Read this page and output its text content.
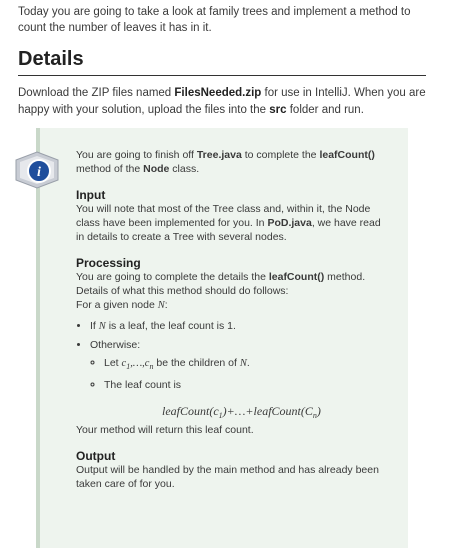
Today you are going to take a look at family trees and implement a method to count the number of leaves it has in it.
Details
Download the ZIP files named FilesNeeded.zip for use in IntelliJ. When you are happy with your solution, upload the files into the src folder and run.
i

You are going to finish off Tree.java to complete the leafCount() method of the Node class.

Input

You will note that most of the Tree class and, within it, the Node class have been implemented for you. In PoD.java, we have read in details to create a Tree with several nodes.

Processing

You are going to complete the details the leafCount() method. Details of what this method should do follows:

For a given node N:

• If N is a leaf, the leaf count is 1.
• Otherwise:
◦ Let $c_1,\dots,c_n$ be the children of N.
◦ The leaf count is
$leafCount(c_1)+\dots+leafCount(C_n)$

Your method will return this leaf count.

Output

Output will be handled by the main method and has already been taken care of for you.
